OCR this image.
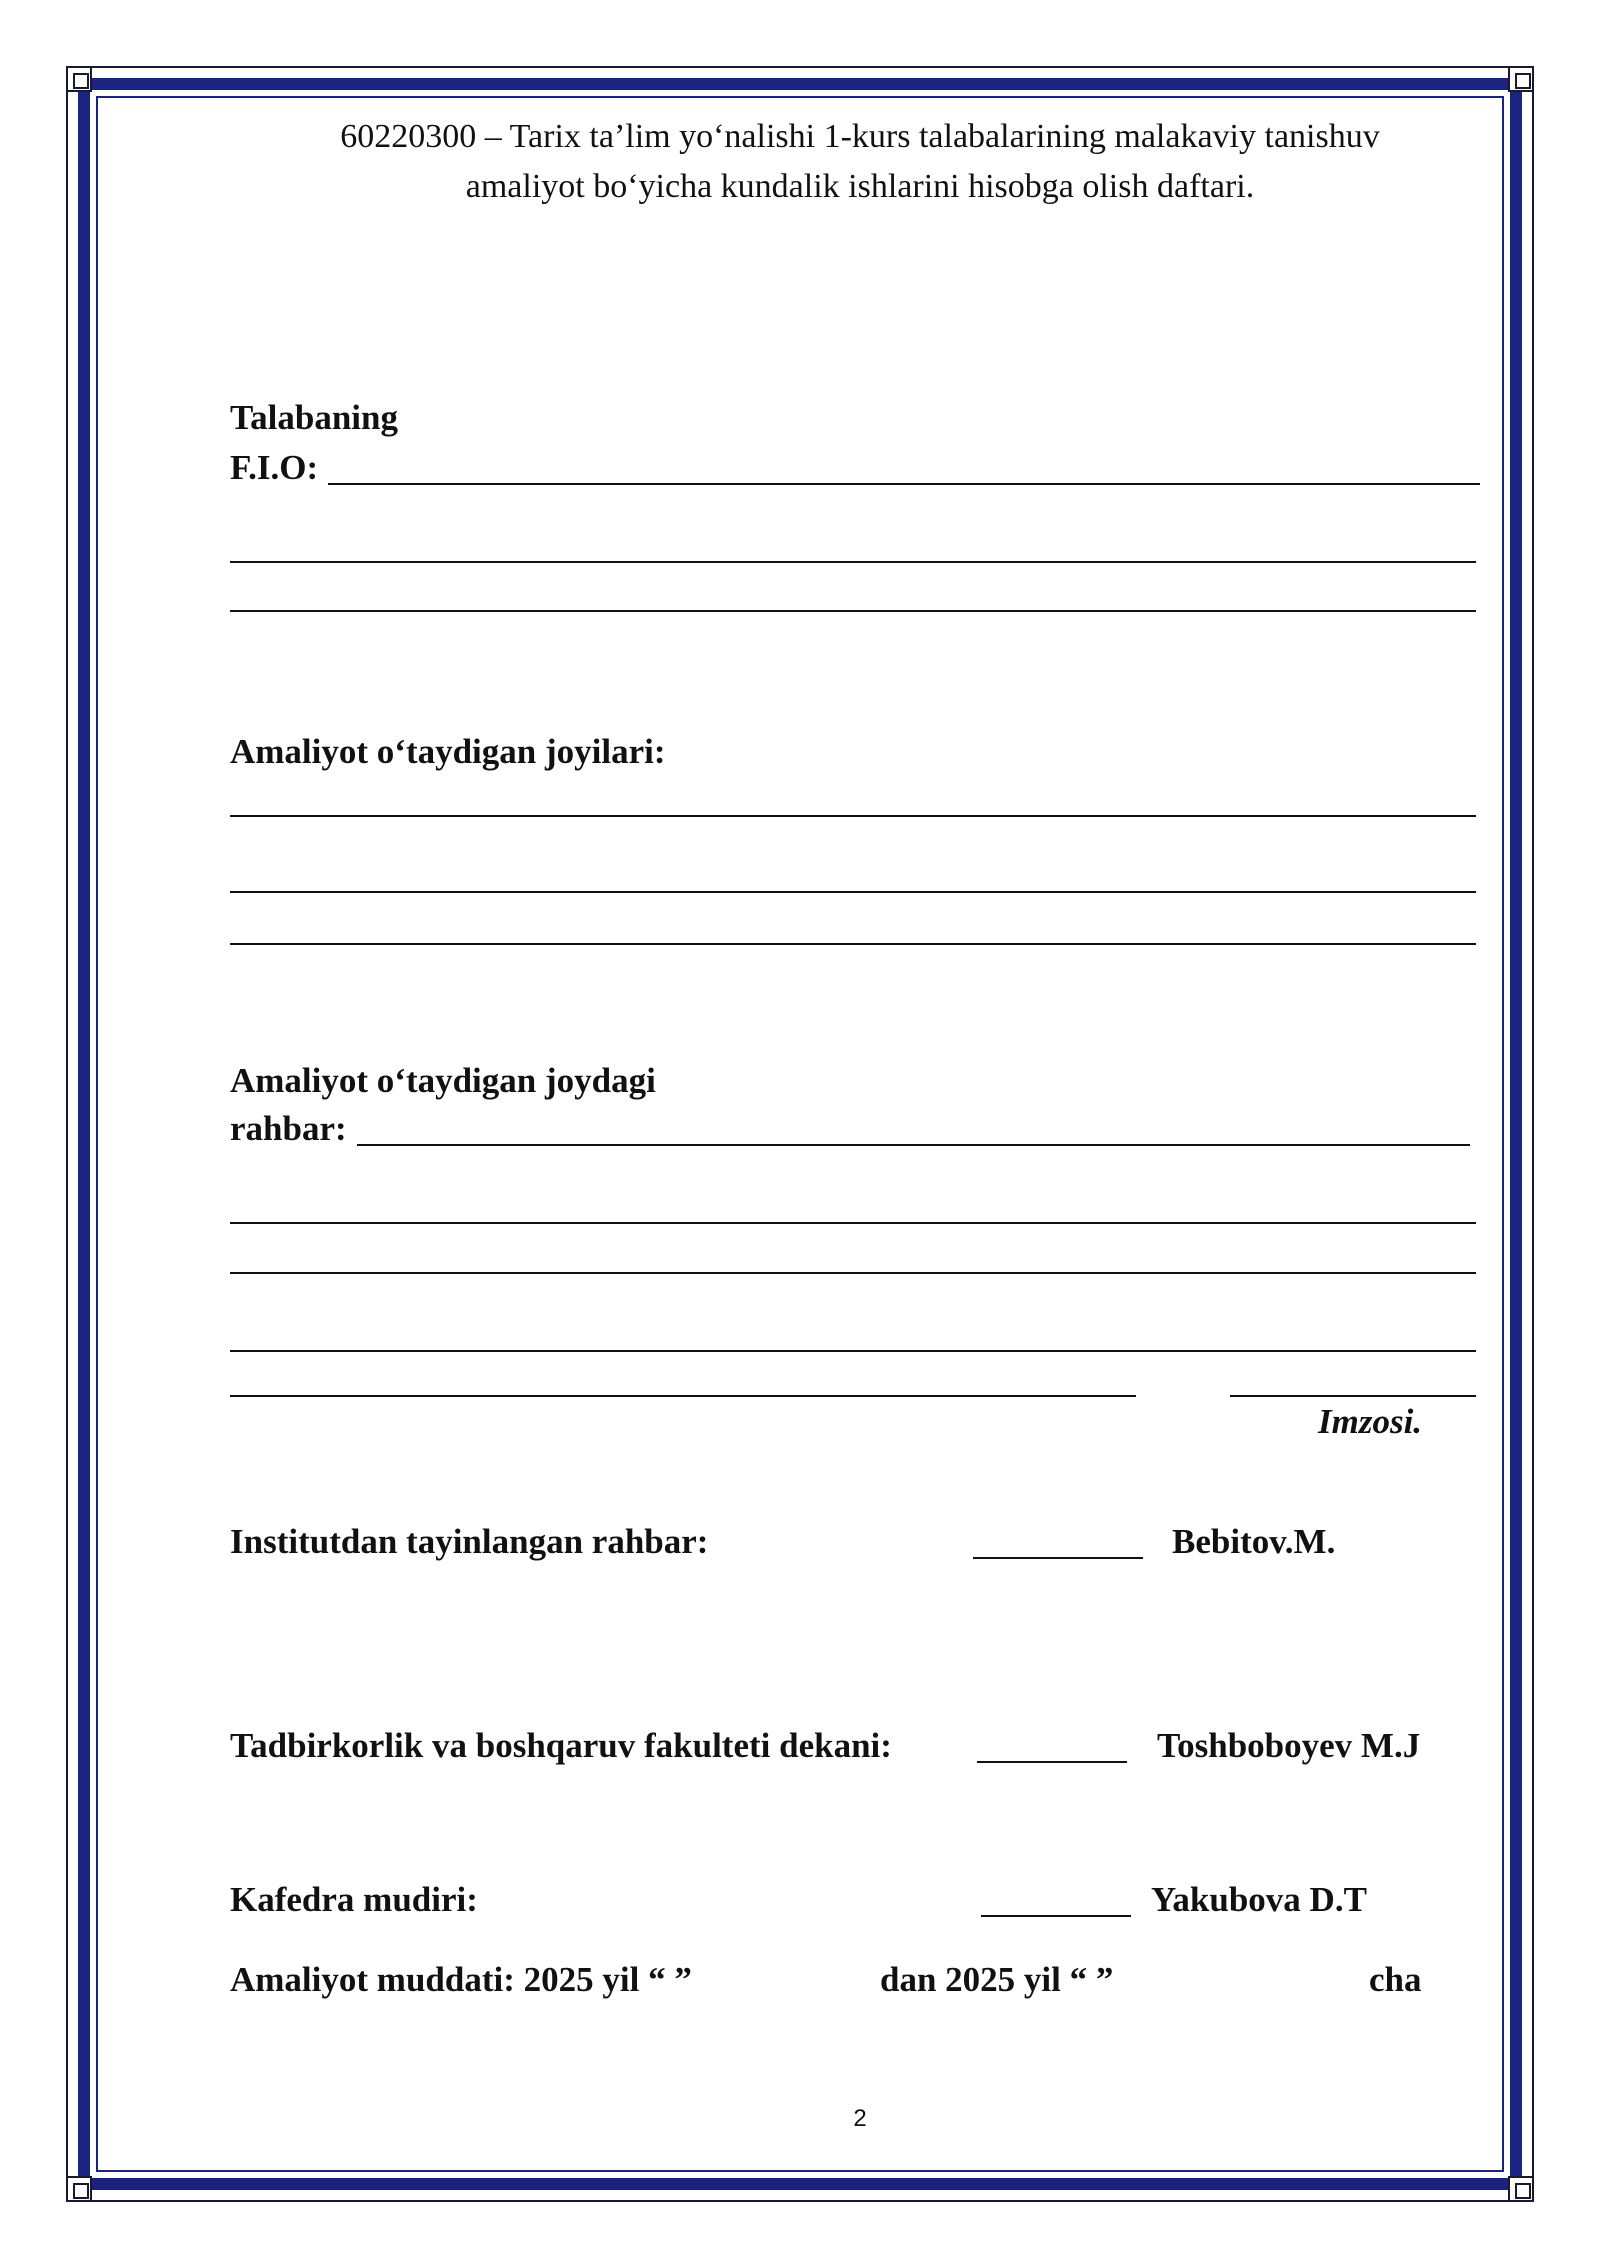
60220300 – Tarix ta’lim yo‘nalishi 1-kurs talabalarining malakaviy tanishuv
amaliyot bo‘yicha kundalik ishlarini hisobga olish daftari.
Talabaning
F.I.O:
Amaliyot o‘taydigan joyilari:
Amaliyot o‘taydigan joydagi
rahbar:
Imzosi.
Institutdan tayinlangan rahbar:	Bebitov.M.
Tadbirkorlik va boshqaruv fakulteti dekani:	Toshboboyev M.J
Kafedra mudiri:	Yakubova D.T
Amaliyot muddati: 2025 yil “ ”	dan 2025 yil “ ”	cha
2
